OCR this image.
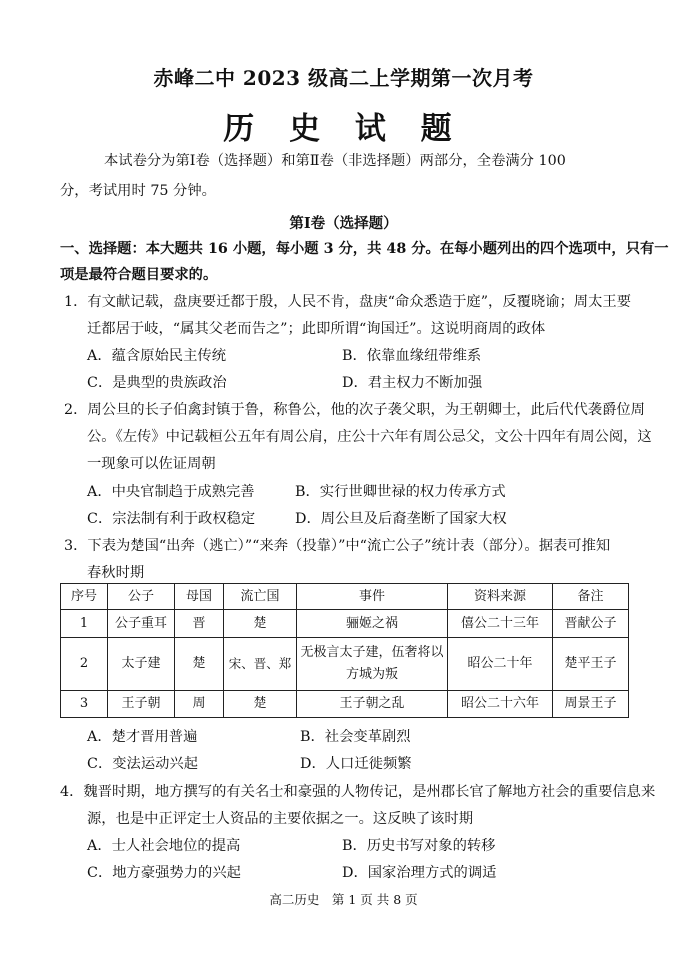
赤峰二中 2023 级高二上学期第一次月考
历 史 试 题
本试卷分为第Ⅰ卷（选择题）和第Ⅱ卷（非选择题）两部分，全卷满分 100
分，考试用时 75 分钟。
第Ⅰ卷（选择题）
一、选择题：本大题共 16 小题，每小题 3 分，共 48 分。在每小题列出的四个选项中，只有一
项是最符合题目要求的。
1．有文献记载，盘庚要迁都于殷，人民不肯，盘庚“命众悉造于庭”，反覆晓谕；周太王要
迁都居于岐，“属其父老而告之”；此即所谓“询国迁”。这说明商周的政体
A．蕴含原始民主传统	B．依靠血缘纽带维系
C．是典型的贵族政治	D．君主权力不断加强
2．周公旦的长子伯禽封镇于鲁，称鲁公，他的次子袭父职，为王朝卿士，此后代代袭爵位周
公。《左传》中记载桓公五年有周公肩，庄公十六年有周公忌父，文公十四年有周公阅，这
一现象可以佐证周朝
A．中央官制趋于成熟完善	B．实行世卿世禄的权力传承方式
C．宗法制有利于政权稳定	D．周公旦及后裔垄断了国家大权
3．下表为楚国“出奔（逃亡）”“来奔（投靠）”中“流亡公子”统计表（部分）。据表可推知
春秋时期
序号	公子	母国	流亡国	事件	资料来源	备注
1	公子重耳	晋	楚	骊姬之祸	僖公二十三年	晋献公子
2	太子建	楚	宋、晋、郑	无极言太子建，伍奢将以方城为叛	昭公二十年	楚平王子
3	王子朝	周	楚	王子朝之乱	昭公二十六年	周景王子
A．楚才晋用普遍	B．社会变革剧烈
C．变法运动兴起	D．人口迁徙频繁
4．魏晋时期，地方撰写的有关名士和豪强的人物传记，是州郡长官了解地方社会的重要信息来
源，也是中正评定士人资品的主要依据之一。这反映了该时期
A．士人社会地位的提高	B．历史书写对象的转移
C．地方豪强势力的兴起	D．国家治理方式的调适
高二历史　第 1 页 共 8 页
